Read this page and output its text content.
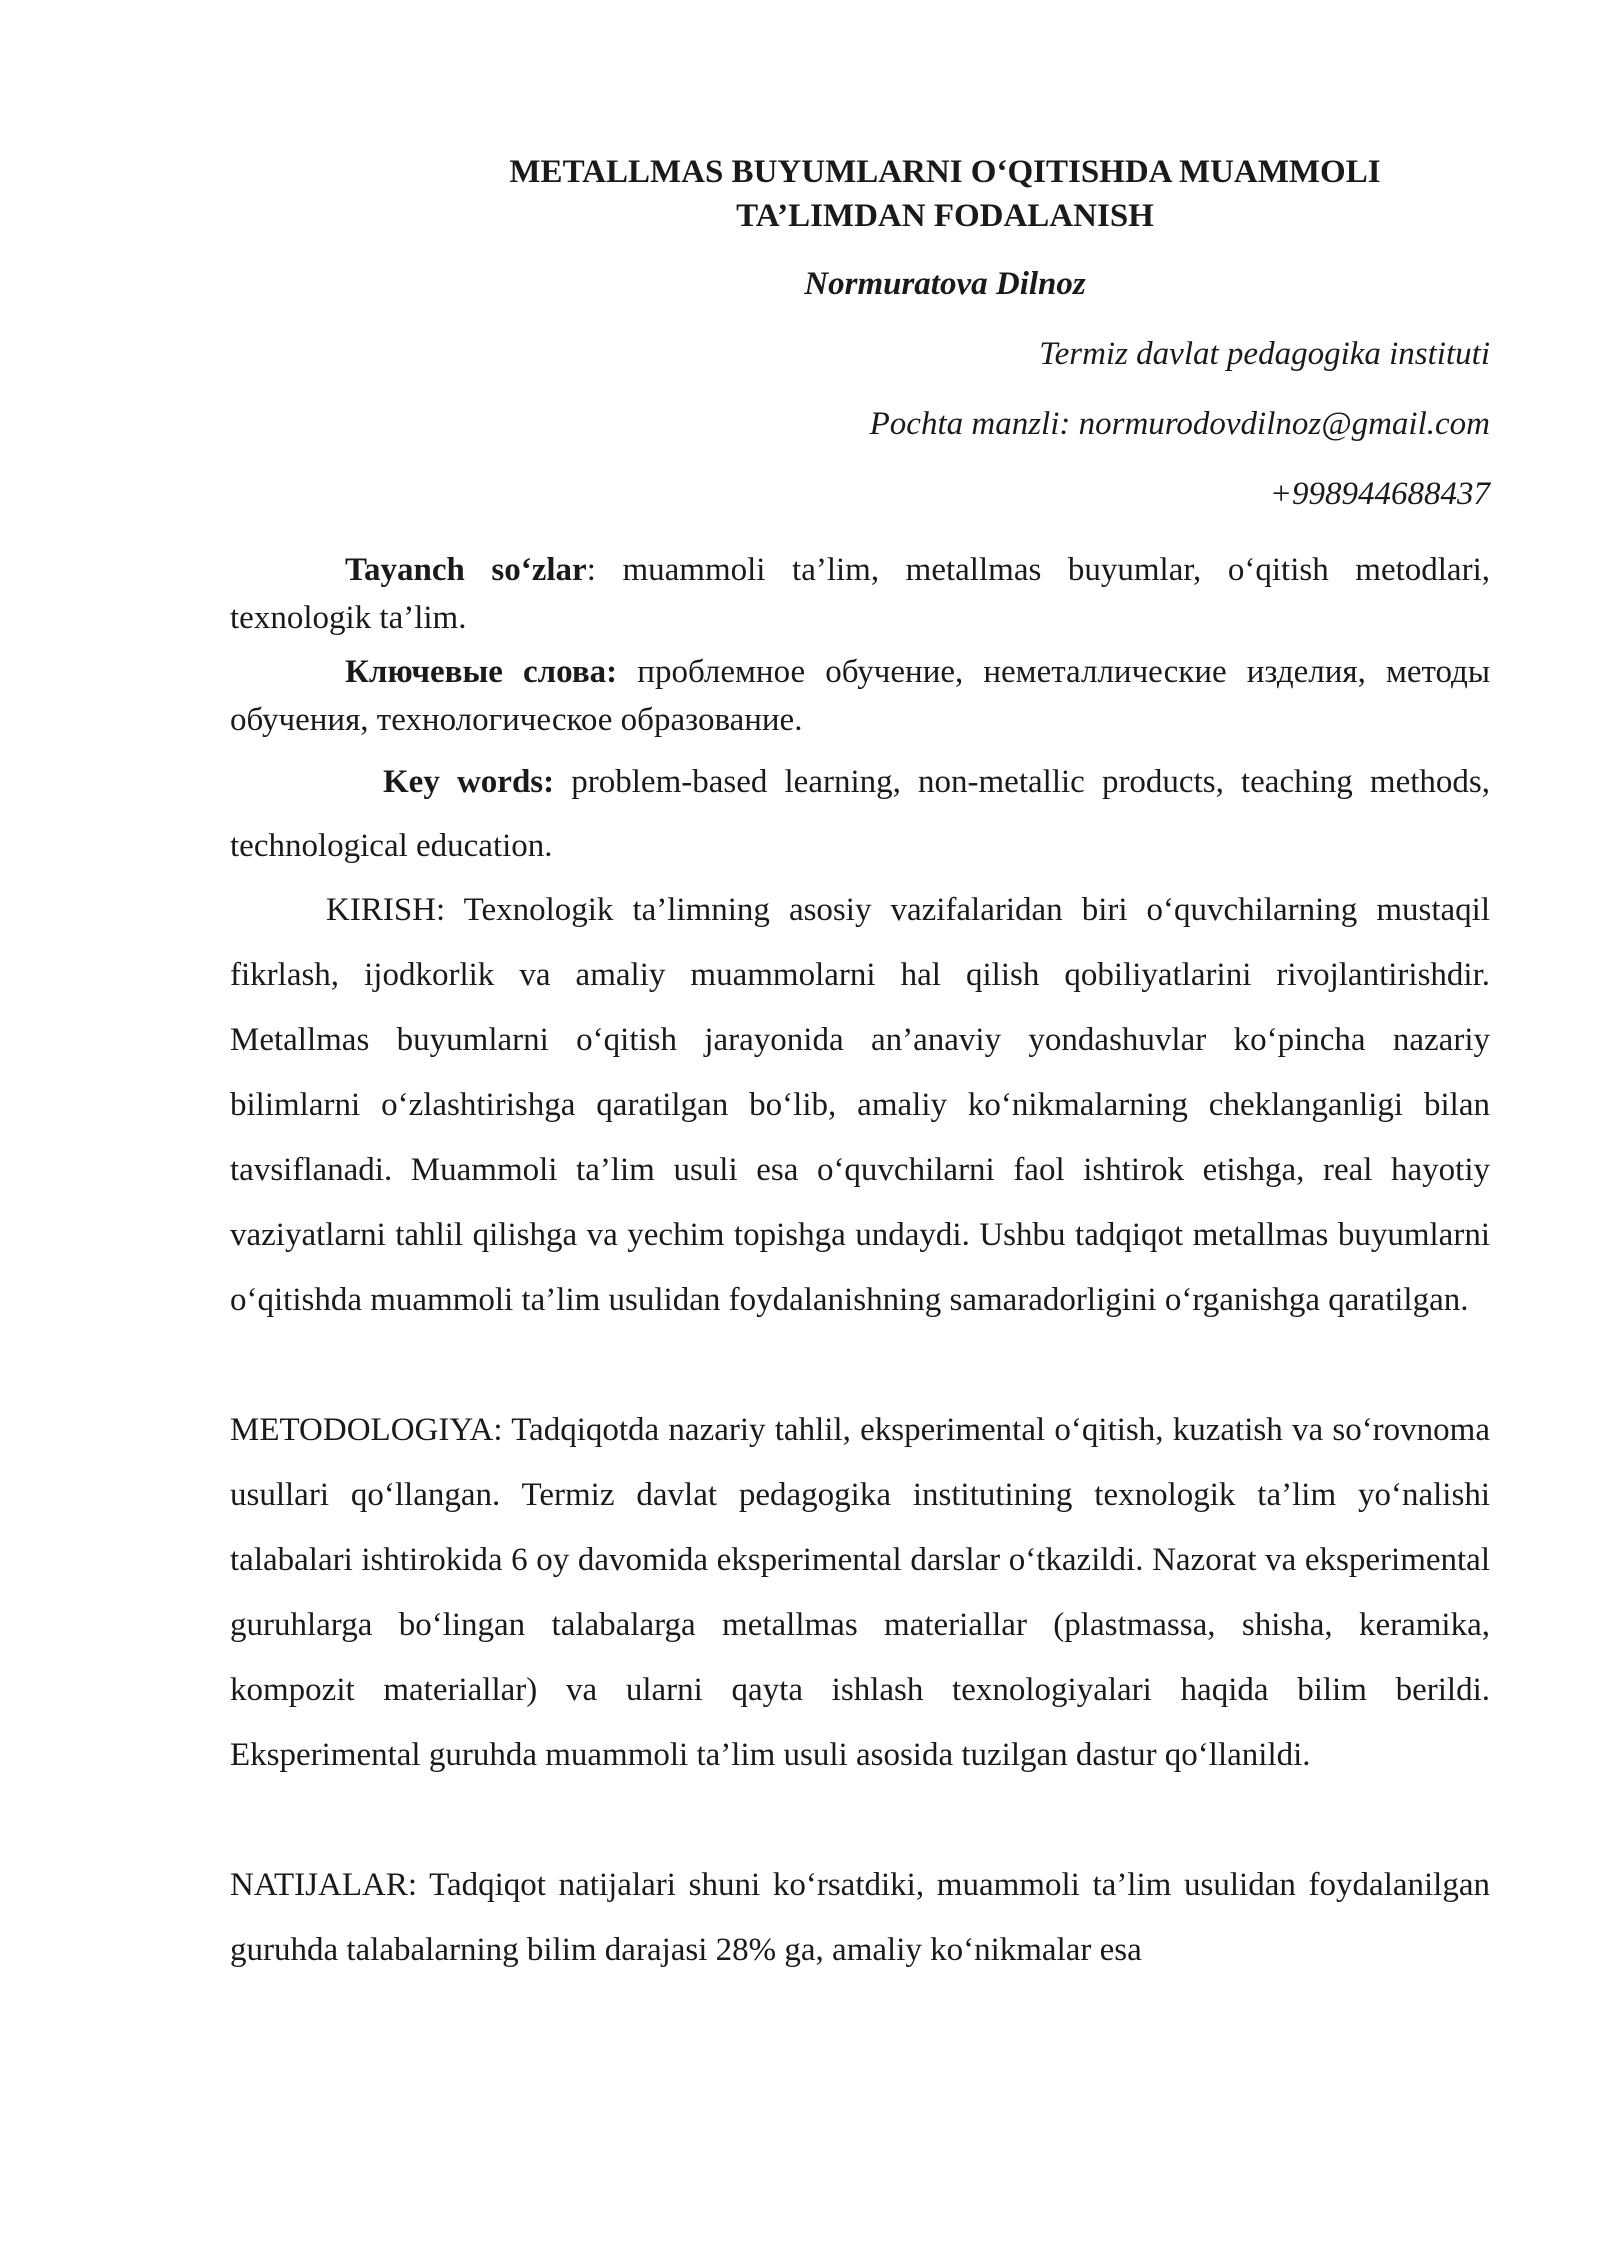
METALLMAS BUYUMLARNI O‘QITISHDA MUAMMOLI
TA’LIMDAN FODALANISH
Normuratova Dilnoz
Termiz davlat pedagogika instituti
Pochta manzli: normurodovdilnoz@gmail.com
+998944688437

Tayanch so‘zlar: muammoli ta’lim, metallmas buyumlar, o‘qitish metodlari, texnologik ta’lim.

Ключевые слова: проблемное обучение, неметаллические изделия, методы обучения, технологическое образование.

Key words: problem-based learning, non-metallic products, teaching methods, technological education.

KIRISH: Texnologik ta’limning asosiy vazifalaridan biri o‘quvchilarning mustaqil fikrlash, ijodkorlik va amaliy muammolarni hal qilish qobiliyatlarini rivojlantirishdir. Metallmas buyumlarni o‘qitish jarayonida an’anaviy yondashuvlar ko‘pincha nazariy bilimlarni o‘zlashtirishga qaratilgan bo‘lib, amaliy ko‘nikmalarning cheklanganligi bilan tavsiflanadi. Muammoli ta’lim usuli esa o‘quvchilarni faol ishtirok etishga, real hayotiy vaziyatlarni tahlil qilishga va yechim topishga undaydi. Ushbu tadqiqot metallmas buyumlarni o‘qitishda muammoli ta’lim usulidan foydalanishning samaradorligini o‘rganishga qaratilgan.

METODOLOGIYA: Tadqiqotda nazariy tahlil, eksperimental o‘qitish, kuzatish va so‘rovnoma usullari qo‘llangan. Termiz davlat pedagogika institutining texnologik ta’lim yo‘nalishi talabalari ishtirokida 6 oy davomida eksperimental darslar o‘tkazildi. Nazorat va eksperimental guruhlarga bo‘lingan talabalarga metallmas materiallar (plastmassa, shisha, keramika, kompozit materiallar) va ularni qayta ishlash texnologiyalari haqida bilim berildi. Eksperimental guruhda muammoli ta’lim usuli asosida tuzilgan dastur qo‘llanildi.

NATIJALAR: Tadqiqot natijalari shuni ko‘rsatdiki, muammoli ta’lim usulidan foydalanilgan guruhda talabalarning bilim darajasi 28% ga, amaliy ko‘nikmalar esa
